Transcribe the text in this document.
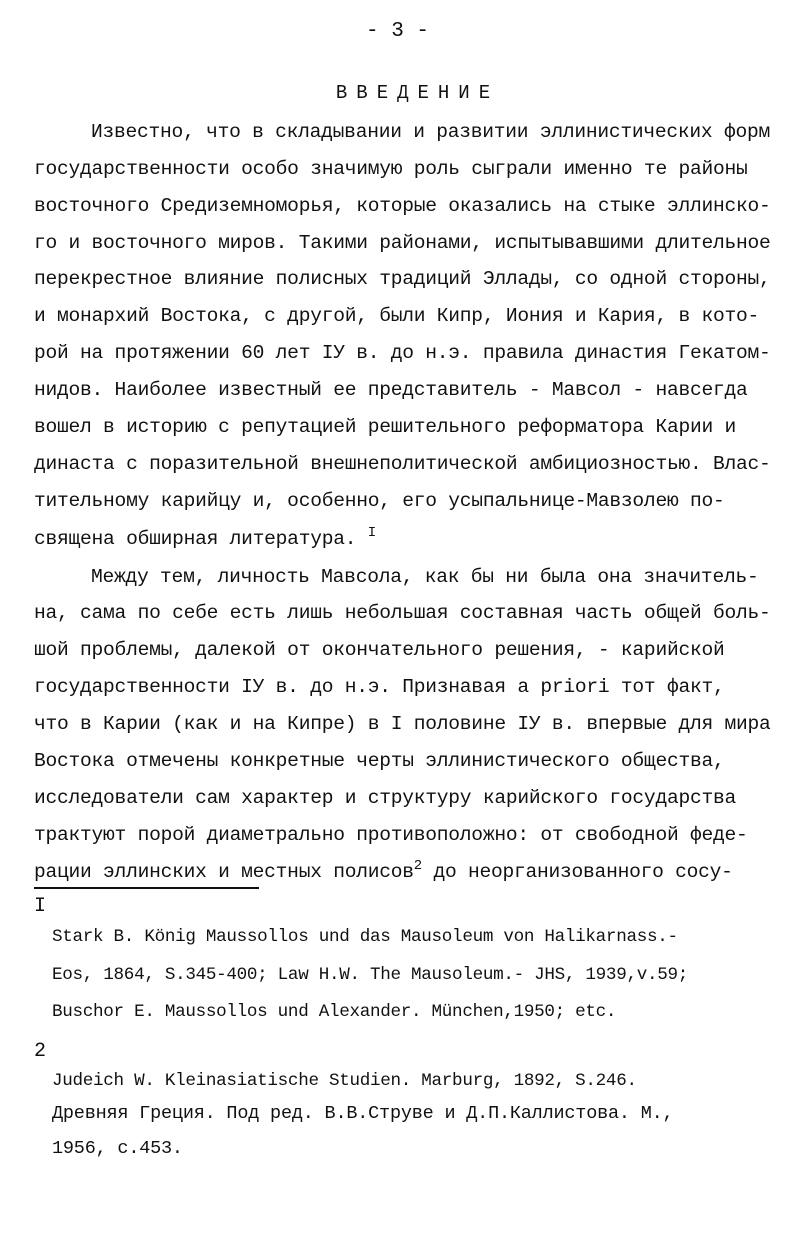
- 3 -
ВВЕДЕНИЕ
Известно, что в складывании и развитии эллинистических форм
государственности особо значимую роль сыграли именно те районы
восточного Средиземноморья, которые оказались на стыке эллинско-
го и восточного миров. Такими районами, испытывавшими длительное
перекрестное влияние полисных традиций Эллады, со одной стороны,
и монархий Востока, с другой, были Кипр, Иония и Кария, в кото-
рой на протяжении 60 лет IУ в. до н.э. правила династия Гекатом-
нидов. Наиболее известный ее представитель - Мавсол - навсегда
вошел в историю с репутацией решительного реформатора Карии и
династа с поразительной внешнеполитической амбициозностью. Влас-
тительному карийцу и, особенно, его усыпальнице-Мавзолею по-
священа обширная литература. $^I$
Между тем, личность Мавсола, как бы ни была она значитель-
на, сама по себе есть лишь небольшая составная часть общей боль-
шой проблемы, далекой от окончательного решения, - карийской
государственности IУ в. до н.э. Признавая a priori тот факт,
что в Карии (как и на Кипре) в I половине IУ в. впервые для мира
Востока отмечены конкретные черты эллинистического общества,
исследователи сам характер и структуру карийского государства
трактуют порой диаметрально противоположно: от свободной феде-
рации эллинских и местных полисов$^2$ до неорганизованного сосу-
I
Stark B. König Maussollos und das Mausoleum von Halikarnass.-
Eos, 1864, S.345-400; Law H.W. The Mausoleum.- JHS, 1939,v.59;
Buschor E. Maussollos und Alexander. München,1950; etc.
2
Judeich W. Kleinasiatische Studien. Marburg, 1892, S.246.
Древняя Греция. Под ред. В.В.Струве и Д.П.Каллистова. М.,
1956, с.453.
